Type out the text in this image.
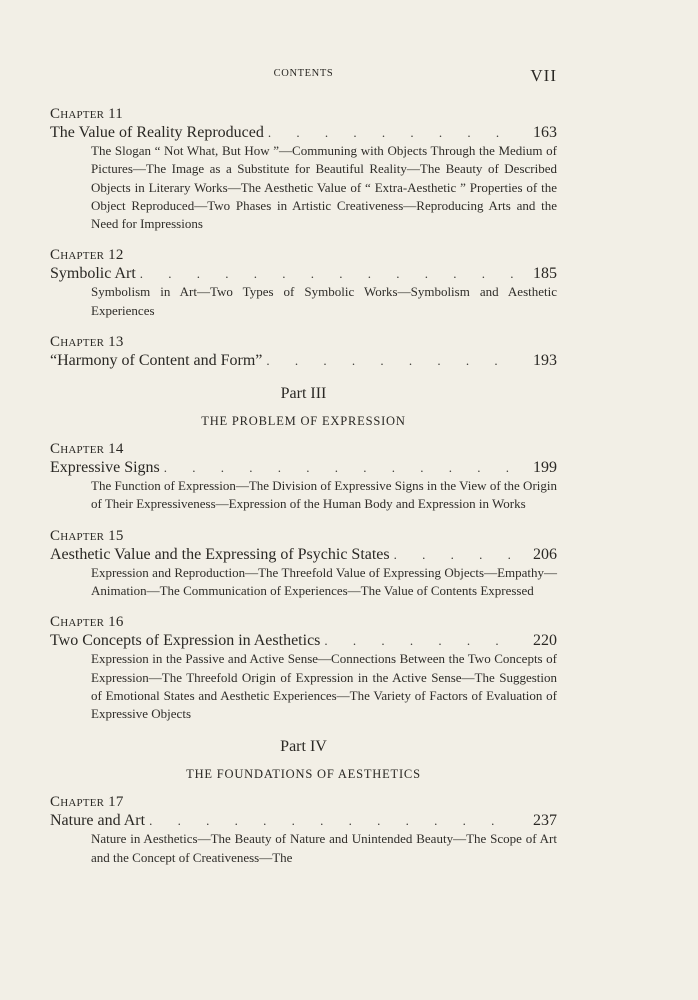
CONTENTS	VII
Chapter 11
The Value of Reality Reproduced . . .	163
The Slogan “ Not What, But How ”—Communing with Objects Through the Medium of Pictures—The Image as a Substitute for Beautiful Reality—The Beauty of Described Objects in Literary Works—The Aesthetic Value of “ Extra-Aesthetic ” Properties of the Object Reproduced—Two Phases in Artistic Creativeness—Reproducing Arts and the Need for Impressions
Chapter 12
Symbolic Art . . .	185
Symbolism in Art—Two Types of Symbolic Works—Symbolism and Aesthetic Experiences
Chapter 13
“Harmony of Content and Form” . . .	193
Part III
THE PROBLEM OF EXPRESSION
Chapter 14
Expressive Signs . . .	199
The Function of Expression—The Division of Expressive Signs in the View of the Origin of Their Expressiveness—Expression of the Human Body and Expression in Works
Chapter 15
Aesthetic Value and the Expressing of Psychic States . . .	206
Expression and Reproduction—The Threefold Value of Expressing Objects—Empathy—Animation—The Communication of Experiences—The Value of Contents Expressed
Chapter 16
Two Concepts of Expression in Aesthetics . . .	220
Expression in the Passive and Active Sense—Connections Between the Two Concepts of Expression—The Threefold Origin of Expression in the Active Sense—The Suggestion of Emotional States and Aesthetic Experiences—The Variety of Factors of Evaluation of Expressive Objects
Part IV
THE FOUNDATIONS OF AESTHETICS
Chapter 17
Nature and Art . . .	237
Nature in Aesthetics—The Beauty of Nature and Unintended Beauty—The Scope of Art and the Concept of Creativeness—The
